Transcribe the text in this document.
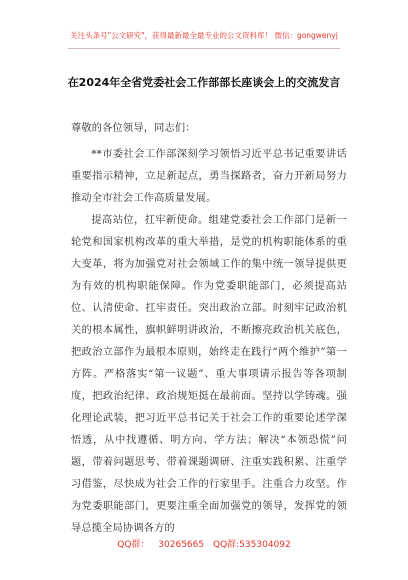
关注头条号"公文研究"，获得最新最全最专业的公文资料库！ 微信：gongwenyj
在2024年全省党委社会工作部部长座谈会上的交流发言

尊敬的各位领导，同志们：

**市委社会工作部深刻学习领悟习近平总书记重要讲话重要指示精神，立足新起点，勇当探路者，奋力开新局努力推动全市社会工作高质量发展。

提高站位，扛牢新使命。组建党委社会工作部门是新一轮党和国家机构改革的重大举措，是党的机构职能体系的重大变革，将为加强党对社会领域工作的集中统一领导提供更为有效的机构职能保障。作为党委职能部门，必须提高站位、认清使命、扛牢责任。突出政治立部。时刻牢记政治机关的根本属性，旗帜鲜明讲政治，不断擦亮政治机关底色，把政治立部作为最根本原则，始终走在践行“两个维护”第一方阵。严格落实“第一议题”、重大事项请示报告等各项制度，把政治纪律、政治规矩挺在最前面。坚持以学铸魂。强化理论武装，把习近平总书记关于社会工作的重要论述学深悟透，从中找遵循、明方向、学方法；解决“本领恐慌”问题，带着问题思考、带着课题调研、注重实践积累、注重学习借鉴，尽快成为社会工作的行家里手。注重合力攻坚。作为党委职能部门，更要注重全面加强党的领导，发挥党的领导总揽全局协调各方的

QQ群： 30265665 QQ群:535304092
